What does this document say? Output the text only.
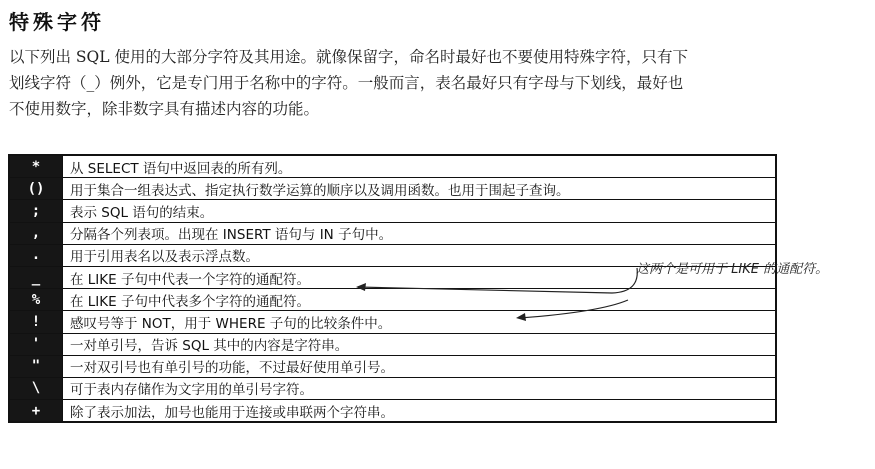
特殊字符
以下列出 SQL 使用的大部分字符及其用途。就像保留字，命名时最好也不要使用特殊字符，只有下
划线字符（_）例外，它是专门用于名称中的字符。一般而言，表名最好只有字母与下划线，最好也
不使用数字，除非数字具有描述内容的功能。
*	从 SELECT 语句中返回表的所有列。
()	用于集合一组表达式、指定执行数学运算的顺序以及调用函数。也用于围起子查询。
;	表示 SQL 语句的结束。
,	分隔各个列表项。出现在 INSERT 语句与 IN 子句中。
.	用于引用表名以及表示浮点数。
_	在 LIKE 子句中代表一个字符的通配符。
%	在 LIKE 子句中代表多个字符的通配符。
!	感叹号等于 NOT，用于 WHERE 子句的比较条件中。
'	一对单引号，告诉 SQL 其中的内容是字符串。
"	一对双引号也有单引号的功能，不过最好使用单引号。
\	可于表内存储作为文字用的单引号字符。
+	除了表示加法，加号也能用于连接或串联两个字符串。
这两个是可用于 LIKE 的通配符。
